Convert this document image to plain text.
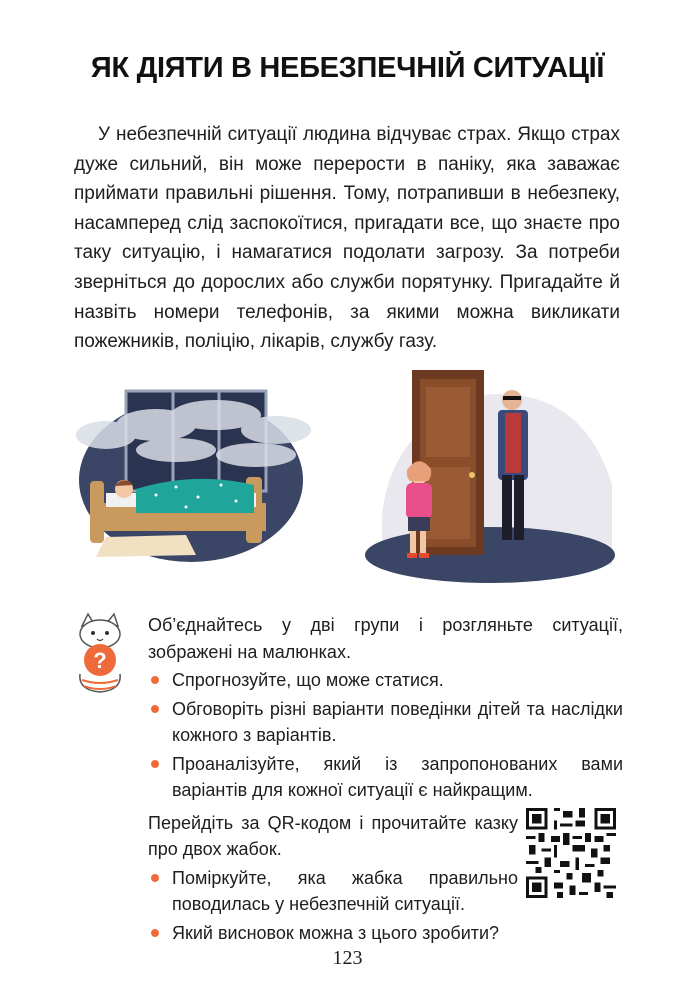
ЯК ДІЯТИ В НЕБЕЗПЕЧНІЙ СИТУАЦІЇ

У небезпечній ситуації людина відчуває страх. Якщо страх дуже сильний, він може перерости в паніку, яка заважає приймати правильні рішення. Тому, потрапивши в небезпеку, насамперед слід заспокоїтися, пригадати все, що знаєте про таку ситуацію, і намагатися подолати загрозу. За потреби зверніться до дорослих або служби порятунку. Пригадайте й назвіть номери телефонів, за якими можна викликати пожежників, поліцію, лікарів, службу газу.

?

Об’єднайтесь у дві групи і розгляньте ситуації, зображені на малюнках.

Спрогнозуйте, що може статися.
Обговоріть різні варіанти поведінки дітей та наслідки кожного з варіантів.
Проаналізуйте, який із запропонованих вами варіантів для кожної ситуації є найкращим.

Перейдіть за QR-кодом і прочитайте казку про двох жабок.

Поміркуйте, яка жабка правильно поводилась у небезпечній ситуації.
Який висновок можна з цього зробити?
123
